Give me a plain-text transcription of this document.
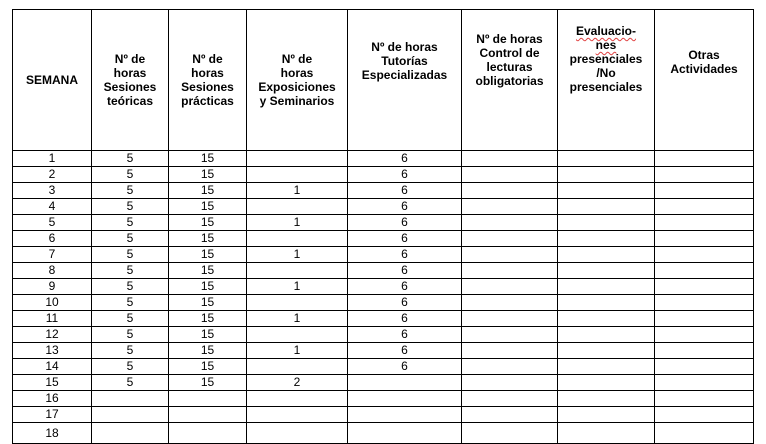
SEMANA	Nº de
horas
Sesiones
teóricas	Nº de
horas
Sesiones
prácticas	Nº de
horas
Exposiciones
y Seminarios	Nº de horas
Tutorías
Especializadas	Nº de horas
Control de
lecturas
obligatorias	Evaluacio-
nes
presenciales
/No
presenciales	Otras
Actividades

1	5	15		6			
2	5	15		6			
3	5	15	1	6			
4	5	15		6			
5	5	15	1	6			
6	5	15		6			
7	5	15	1	6			
8	5	15		6			
9	5	15	1	6			
10	5	15		6			
11	5	15	1	6			
12	5	15		6			
13	5	15	1	6			
14	5	15		6			
15	5	15	2				
16							
17							
18							
